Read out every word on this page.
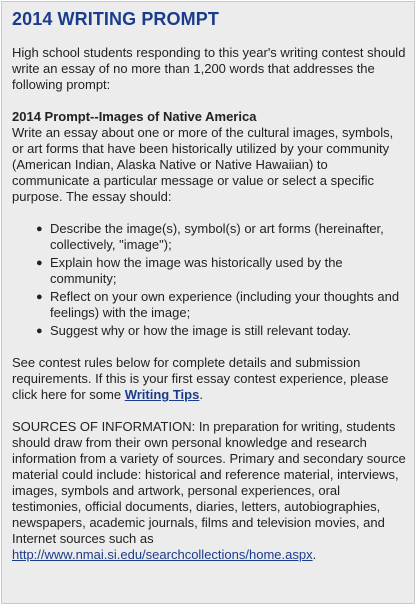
2014 WRITING PROMPT

High school students responding to this year's writing contest should write an essay of no more than 1,200 words that addresses the following prompt:

2014 Prompt--Images of Native America
Write an essay about one or more of the cultural images, symbols, or art forms that have been historically utilized by your community (American Indian, Alaska Native or Native Hawaiian) to communicate a particular message or value or select a specific purpose. The essay should:

● Describe the image(s), symbol(s) or art forms (hereinafter, collectively, "image");
● Explain how the image was historically used by the community;
● Reflect on your own experience (including your thoughts and feelings) with the image;
● Suggest why or how the image is still relevant today.

See contest rules below for complete details and submission requirements. If this is your first essay contest experience, please click here for some Writing Tips.

SOURCES OF INFORMATION: In preparation for writing, students should draw from their own personal knowledge and research information from a variety of sources. Primary and secondary source material could include: historical and reference material, interviews, images, symbols and artwork, personal experiences, oral testimonies, official documents, diaries, letters, autobiographies, newspapers, academic journals, films and television movies, and Internet sources such as http://www.nmai.si.edu/searchcollections/home.aspx.
